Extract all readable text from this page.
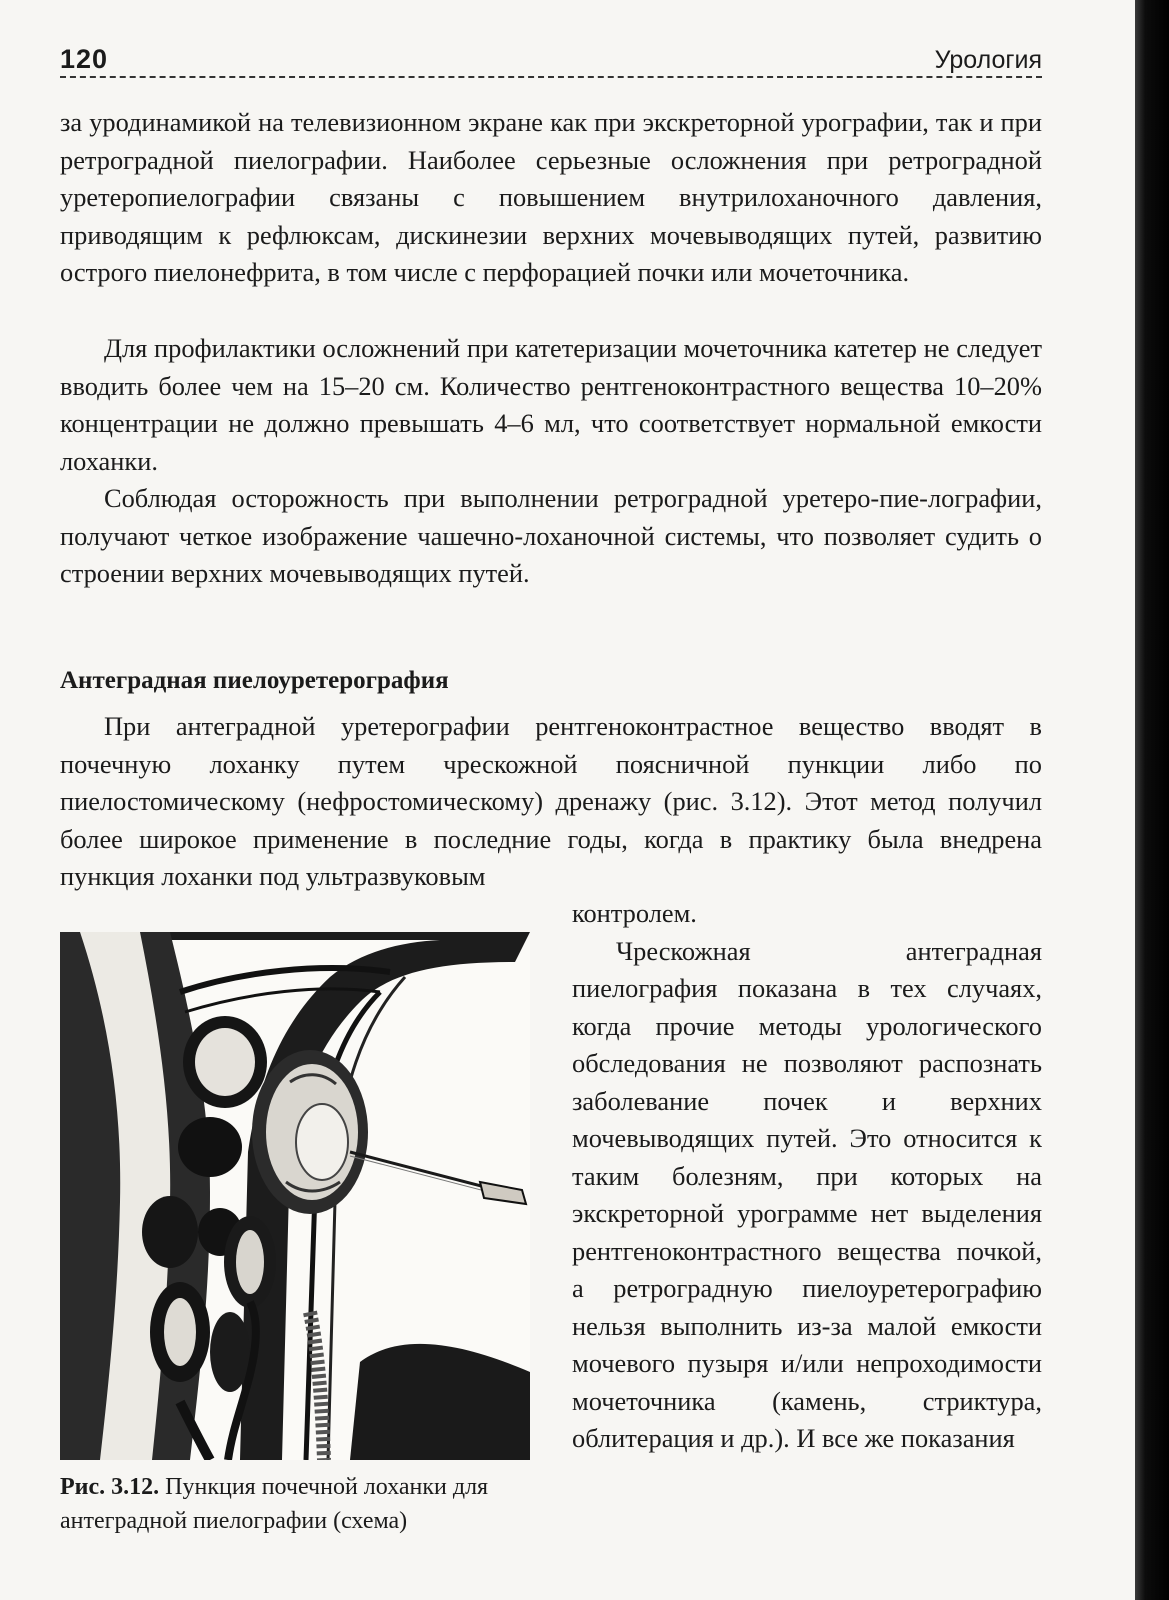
120	Урология

за уродинамикой на телевизионном экране как при экскреторной урографии, так и при ретроградной пиелографии. Наиболее серьезные осложнения при ретроградной уретеропиелографии связаны с повышением внутрилоханочного давления, приводящим к рефлюксам, дискинезии верхних мочевыводящих путей, развитию острого пиелонефрита, в том числе с перфорацией почки или мочеточника.

Для профилактики осложнений при катетеризации мочеточника катетер не следует вводить более чем на 15–20 см. Количество рентгеноконтрастного вещества 10–20% концентрации не должно превышать 4–6 мл, что соответствует нормальной емкости лоханки.

Соблюдая осторожность при выполнении ретроградной уретеро-пие-лографии, получают четкое изображение чашечно-лоханочной системы, что позволяет судить о строении верхних мочевыводящих путей.

Антеградная пиелоуретерография

При антеградной уретерографии рентгеноконтрастное вещество вводят в почечную лоханку путем чрескожной поясничной пункции либо по пиелостомическому (нефростомическому) дренажу (рис. 3.12). Этот метод получил более широкое применение в последние годы, когда в практику была внедрена пункция лоханки под ультразвуковым

контролем.

Чрескожная антеградная пиелография показана в тех случаях, когда прочие методы урологического обследования не позволяют распознать заболевание почек и верхних мочевыводящих путей. Это относится к таким болезням, при которых на экскреторной урограмме нет выделения рентгеноконтрастного вещества почкой, а ретроградную пиелоуретерографию нельзя выполнить из-за малой емкости мочевого пузыря и/или непроходимости мочеточника (камень, стриктура, облитерация и др.). И все же показания

Рис. 3.12. Пункция почечной лоханки для антеградной пиелографии (схема)
